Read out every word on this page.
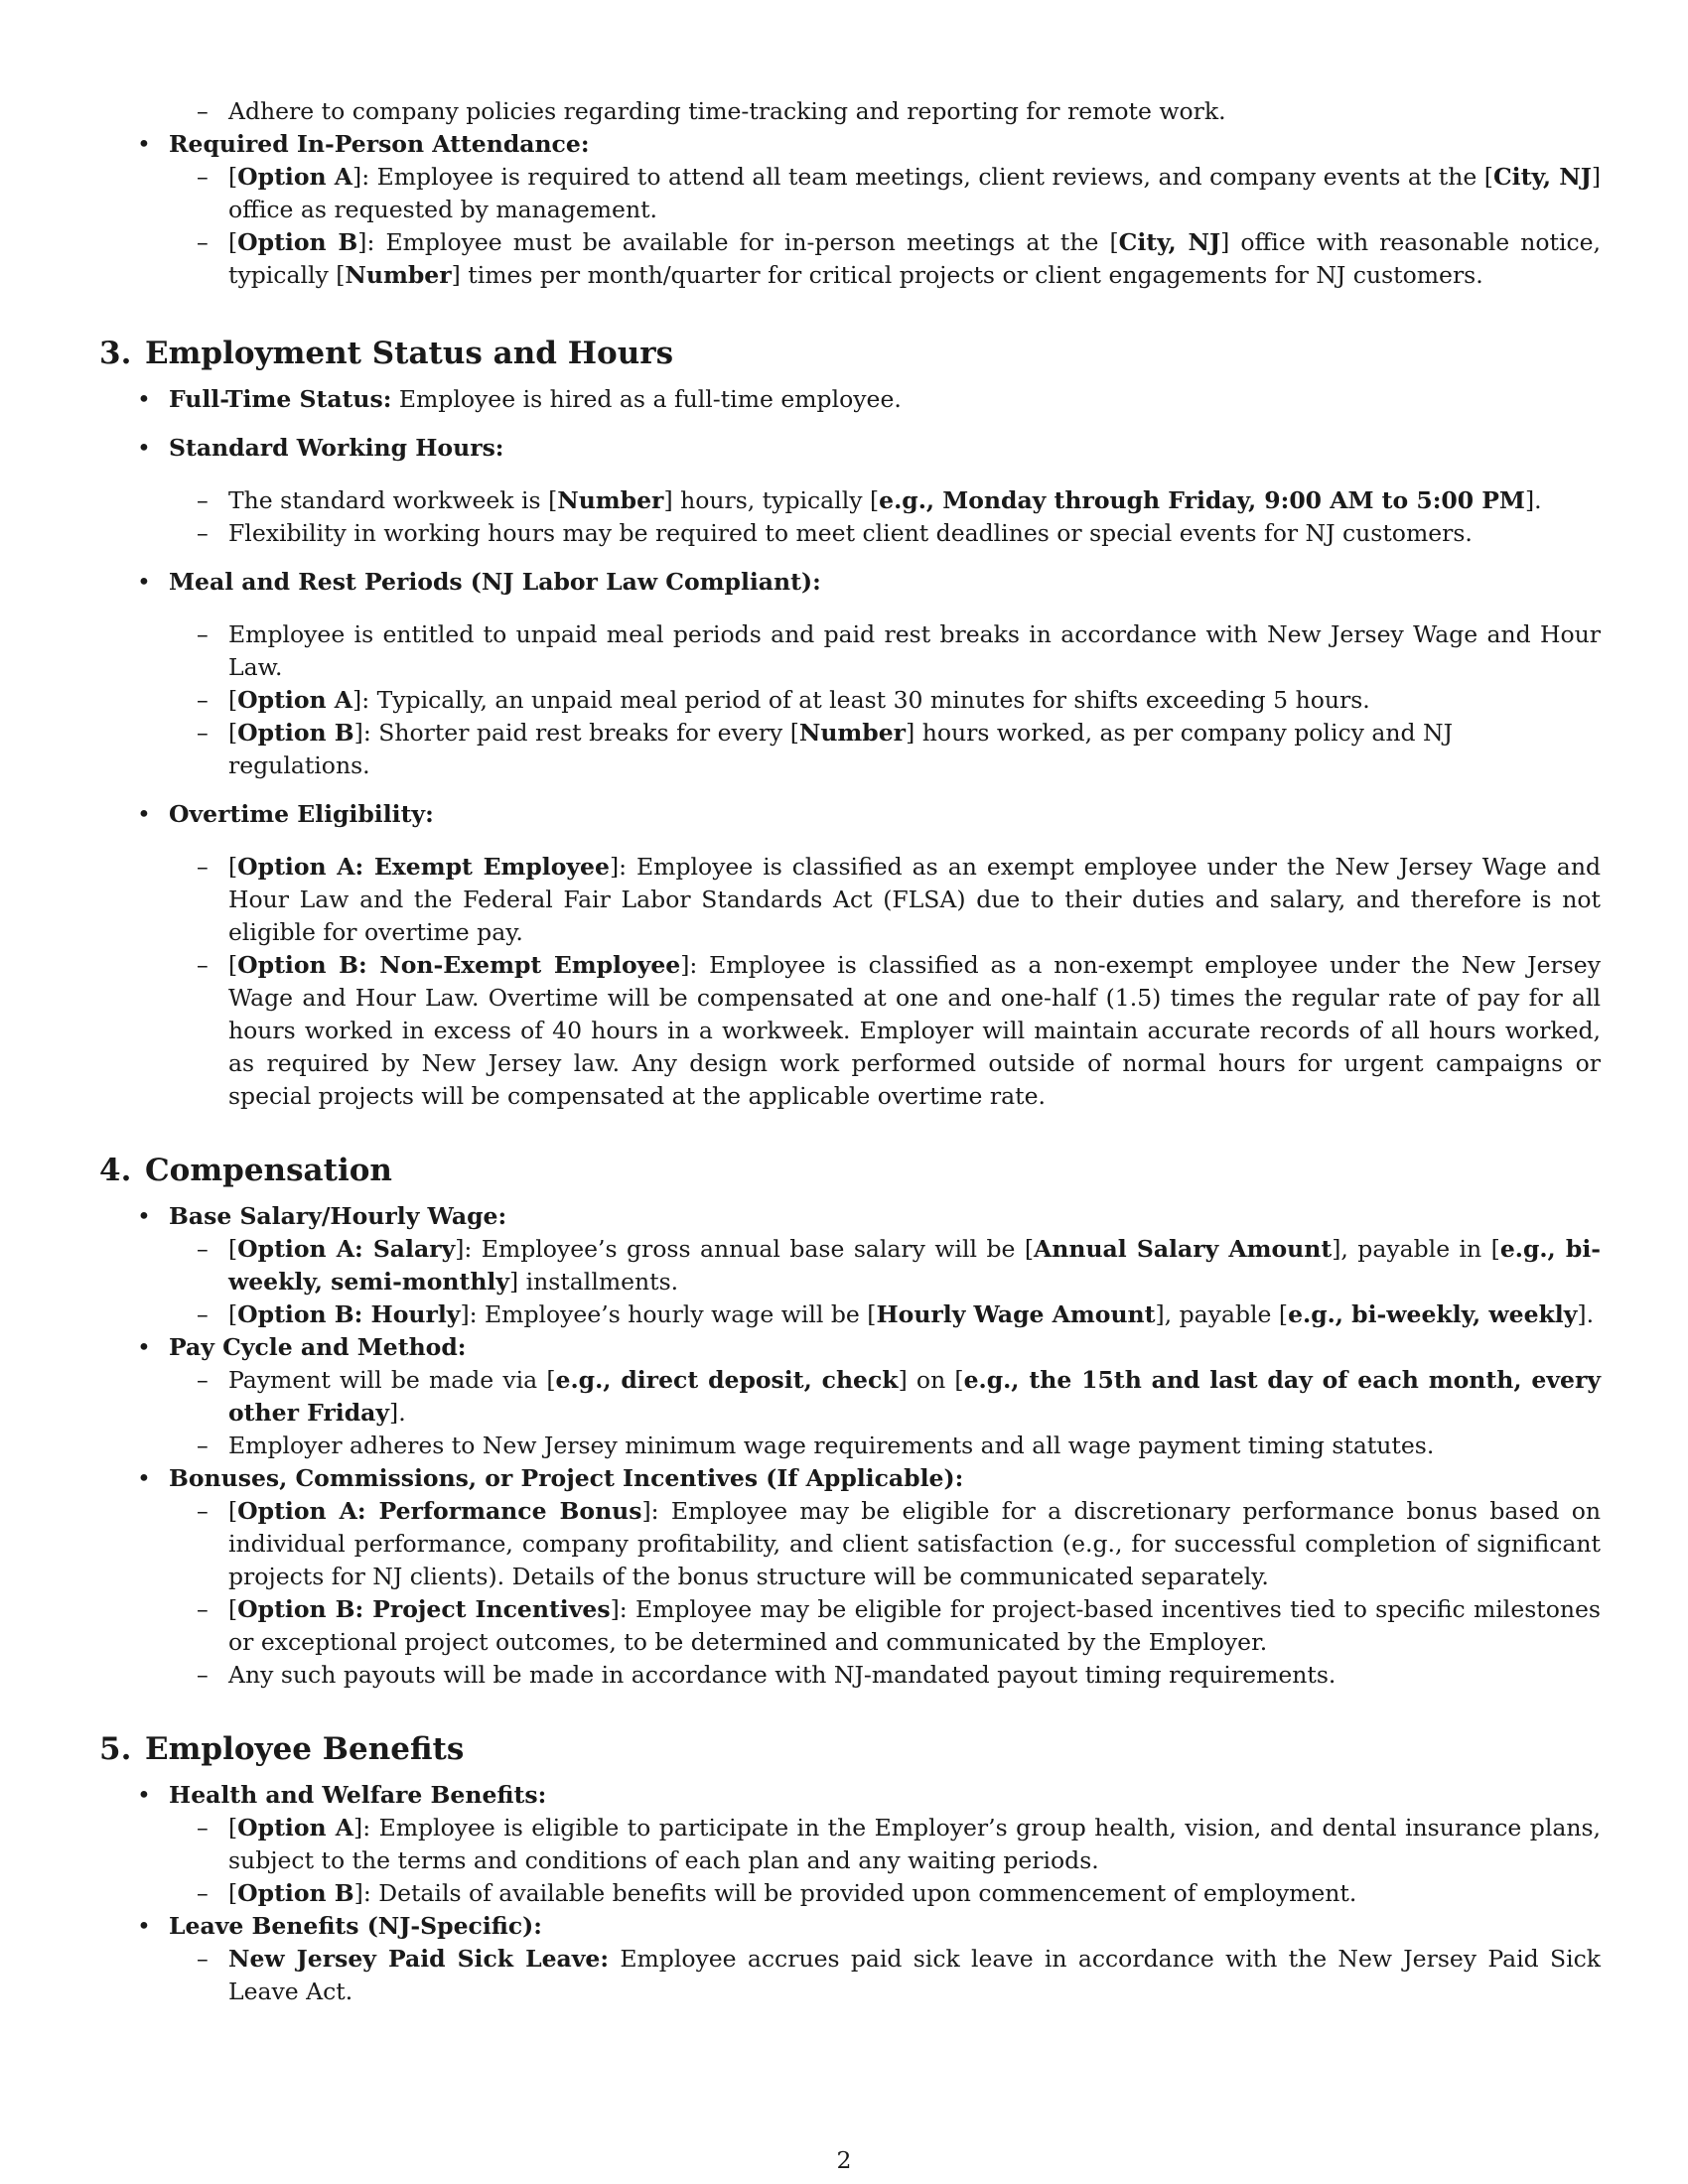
– Adhere to company policies regarding time-tracking and reporting for remote work.
• Required In-Person Attendance:
– [Option A]: Employee is required to attend all team meetings, client reviews, and company events at the [City, NJ] office as requested by management.
– [Option B]: Employee must be available for in-person meetings at the [City, NJ] office with reasonable notice, typically [Number] times per month/quarter for critical projects or client engagements for NJ customers.
3. Employment Status and Hours
• Full-Time Status: Employee is hired as a full-time employee.
• Standard Working Hours:
– The standard workweek is [Number] hours, typically [e.g., Monday through Friday, 9:00 AM to 5:00 PM].
– Flexibility in working hours may be required to meet client deadlines or special events for NJ customers.
• Meal and Rest Periods (NJ Labor Law Compliant):
– Employee is entitled to unpaid meal periods and paid rest breaks in accordance with New Jersey Wage and Hour Law.
– [Option A]: Typically, an unpaid meal period of at least 30 minutes for shifts exceeding 5 hours.
– [Option B]: Shorter paid rest breaks for every [Number] hours worked, as per company policy and NJ regulations.
• Overtime Eligibility:
– [Option A: Exempt Employee]: Employee is classified as an exempt employee under the New Jersey Wage and Hour Law and the Federal Fair Labor Standards Act (FLSA) due to their duties and salary, and therefore is not eligible for overtime pay.
– [Option B: Non-Exempt Employee]: Employee is classified as a non-exempt employee under the New Jersey Wage and Hour Law. Overtime will be compensated at one and one-half (1.5) times the regular rate of pay for all hours worked in excess of 40 hours in a workweek. Employer will maintain accurate records of all hours worked, as required by New Jersey law. Any design work performed outside of normal hours for urgent campaigns or special projects will be compensated at the applicable overtime rate.
4. Compensation
• Base Salary/Hourly Wage:
– [Option A: Salary]: Employee’s gross annual base salary will be [Annual Salary Amount], payable in [e.g., bi-weekly, semi-monthly] installments.
– [Option B: Hourly]: Employee’s hourly wage will be [Hourly Wage Amount], payable [e.g., bi-weekly, weekly].
• Pay Cycle and Method:
– Payment will be made via [e.g., direct deposit, check] on [e.g., the 15th and last day of each month, every other Friday].
– Employer adheres to New Jersey minimum wage requirements and all wage payment timing statutes.
• Bonuses, Commissions, or Project Incentives (If Applicable):
– [Option A: Performance Bonus]: Employee may be eligible for a discretionary performance bonus based on individual performance, company profitability, and client satisfaction (e.g., for successful completion of significant projects for NJ clients). Details of the bonus structure will be communicated separately.
– [Option B: Project Incentives]: Employee may be eligible for project-based incentives tied to specific milestones or exceptional project outcomes, to be determined and communicated by the Employer.
– Any such payouts will be made in accordance with NJ-mandated payout timing requirements.
5. Employee Benefits
• Health and Welfare Benefits:
– [Option A]: Employee is eligible to participate in the Employer’s group health, vision, and dental insurance plans, subject to the terms and conditions of each plan and any waiting periods.
– [Option B]: Details of available benefits will be provided upon commencement of employment.
• Leave Benefits (NJ-Specific):
– New Jersey Paid Sick Leave: Employee accrues paid sick leave in accordance with the New Jersey Paid Sick Leave Act.
2
